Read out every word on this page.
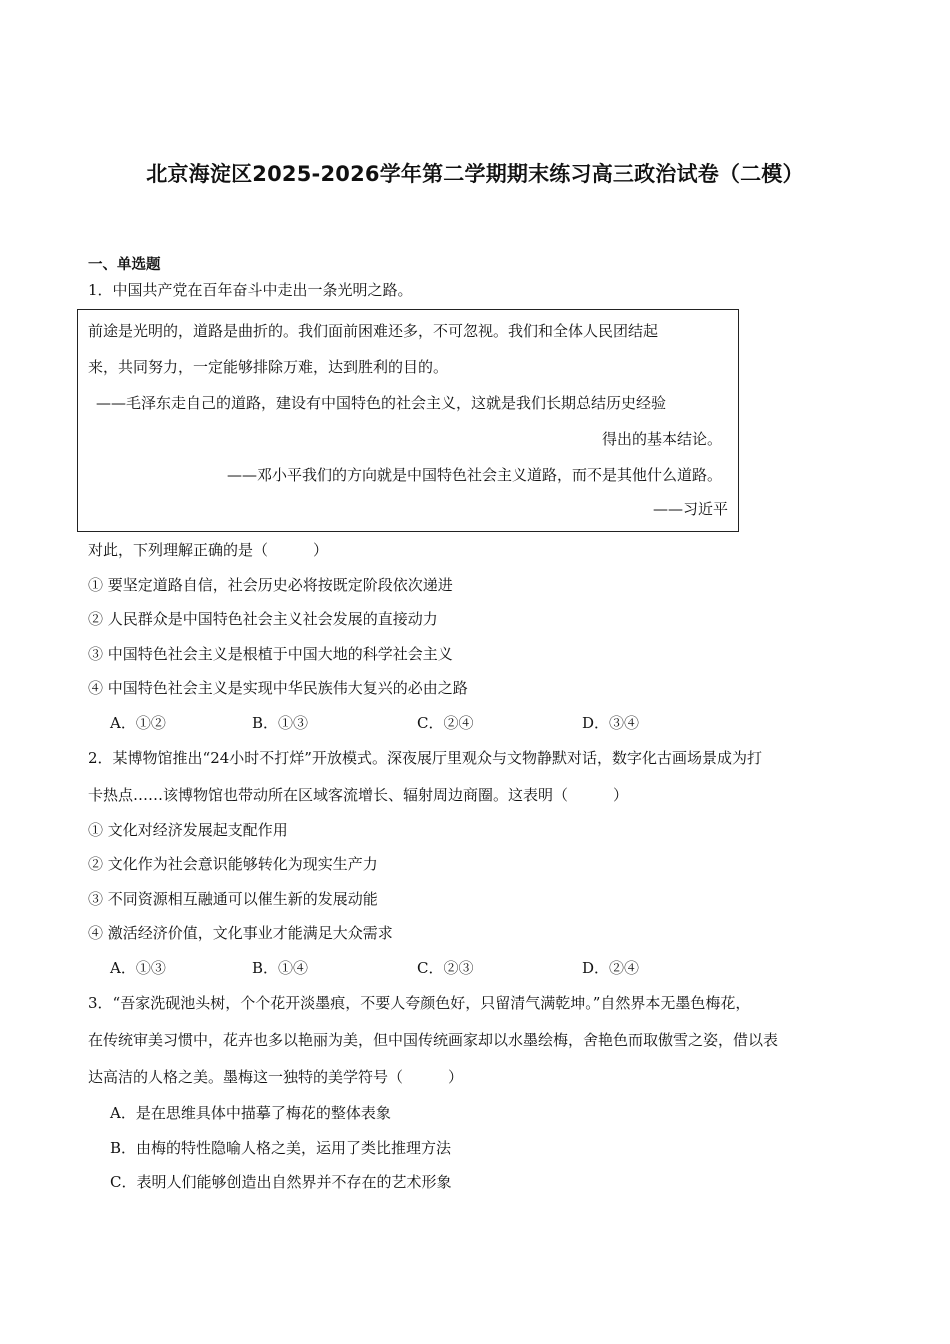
北京海淀区2025-2026学年第二学期期末练习高三政治试卷（二模）
一、单选题
1．中国共产党在百年奋斗中走出一条光明之路。
前途是光明的，道路是曲折的。我们面前困难还多，不可忽视。我们和全体人民团结起
来，共同努力，一定能够排除万难，达到胜利的目的。
——毛泽东走自己的道路，建设有中国特色的社会主义，这就是我们长期总结历史经验
得出的基本结论。
——邓小平我们的方向就是中国特色社会主义道路，而不是其他什么道路。
——习近平
对此，下列理解正确的是（　　　）
① 要坚定道路自信，社会历史必将按既定阶段依次递进
② 人民群众是中国特色社会主义社会发展的直接动力
③ 中国特色社会主义是根植于中国大地的科学社会主义
④ 中国特色社会主义是实现中华民族伟大复兴的必由之路
A．①②	B．①③	C．②④	D．③④
2．某博物馆推出“24小时不打烊”开放模式。深夜展厅里观众与文物静默对话，数字化古画场景成为打
卡热点……该博物馆也带动所在区域客流增长、辐射周边商圈。这表明（　　　）
① 文化对经济发展起支配作用
② 文化作为社会意识能够转化为现实生产力
③ 不同资源相互融通可以催生新的发展动能
④ 激活经济价值，文化事业才能满足大众需求
A．①③	B．①④	C．②③	D．②④
3．“吾家洗砚池头树，个个花开淡墨痕，不要人夸颜色好，只留清气满乾坤。”自然界本无墨色梅花，
在传统审美习惯中，花卉也多以艳丽为美，但中国传统画家却以水墨绘梅，舍艳色而取傲雪之姿，借以表
达高洁的人格之美。墨梅这一独特的美学符号（　　　）
A．是在思维具体中描摹了梅花的整体表象
B．由梅的特性隐喻人格之美，运用了类比推理方法
C．表明人们能够创造出自然界并不存在的艺术形象
